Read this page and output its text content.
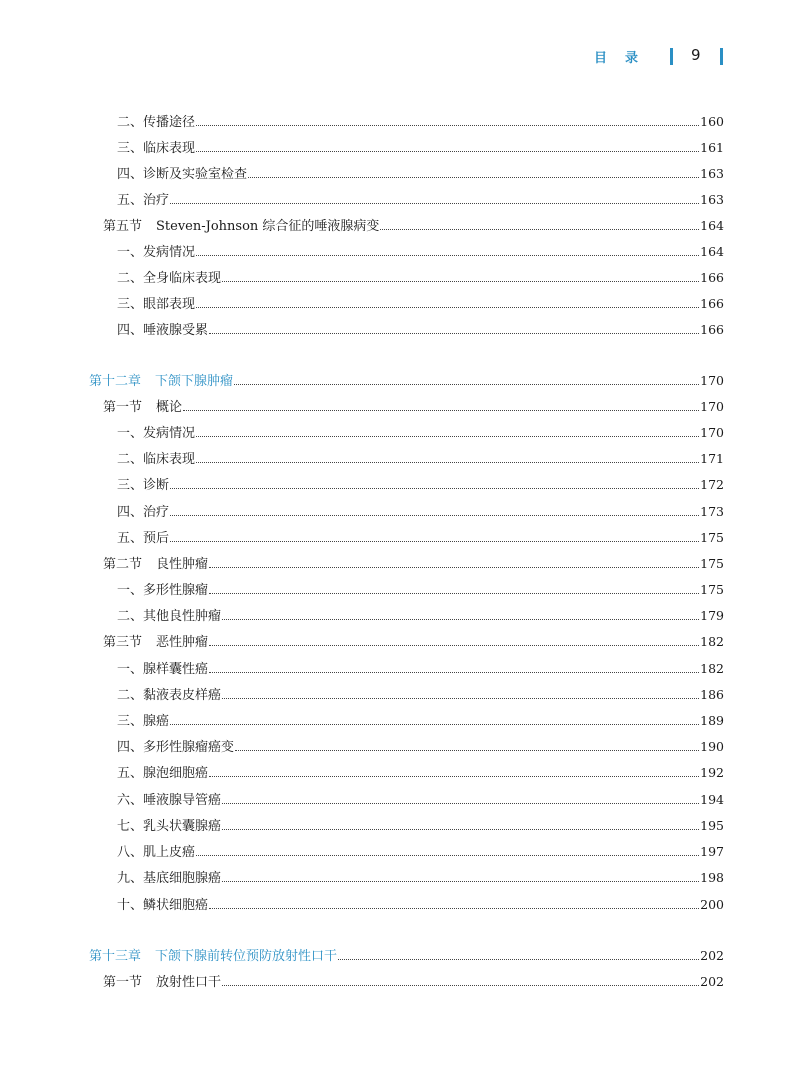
目 录	9
二、传播途径	160
三、临床表现	161
四、诊断及实验室检查	163
五、治疗	163
第五节 Steven-Johnson 综合征的唾液腺病变	164
一、发病情况	164
二、全身临床表现	166
三、眼部表现	166
四、唾液腺受累	166
第十二章 下颌下腺肿瘤	170
第一节 概论	170
一、发病情况	170
二、临床表现	171
三、诊断	172
四、治疗	173
五、预后	175
第二节 良性肿瘤	175
一、多形性腺瘤	175
二、其他良性肿瘤	179
第三节 恶性肿瘤	182
一、腺样囊性癌	182
二、黏液表皮样癌	186
三、腺癌	189
四、多形性腺瘤癌变	190
五、腺泡细胞癌	192
六、唾液腺导管癌	194
七、乳头状囊腺癌	195
八、肌上皮癌	197
九、基底细胞腺癌	198
十、鳞状细胞癌	200
第十三章 下颌下腺前转位预防放射性口干	202
第一节 放射性口干	202
